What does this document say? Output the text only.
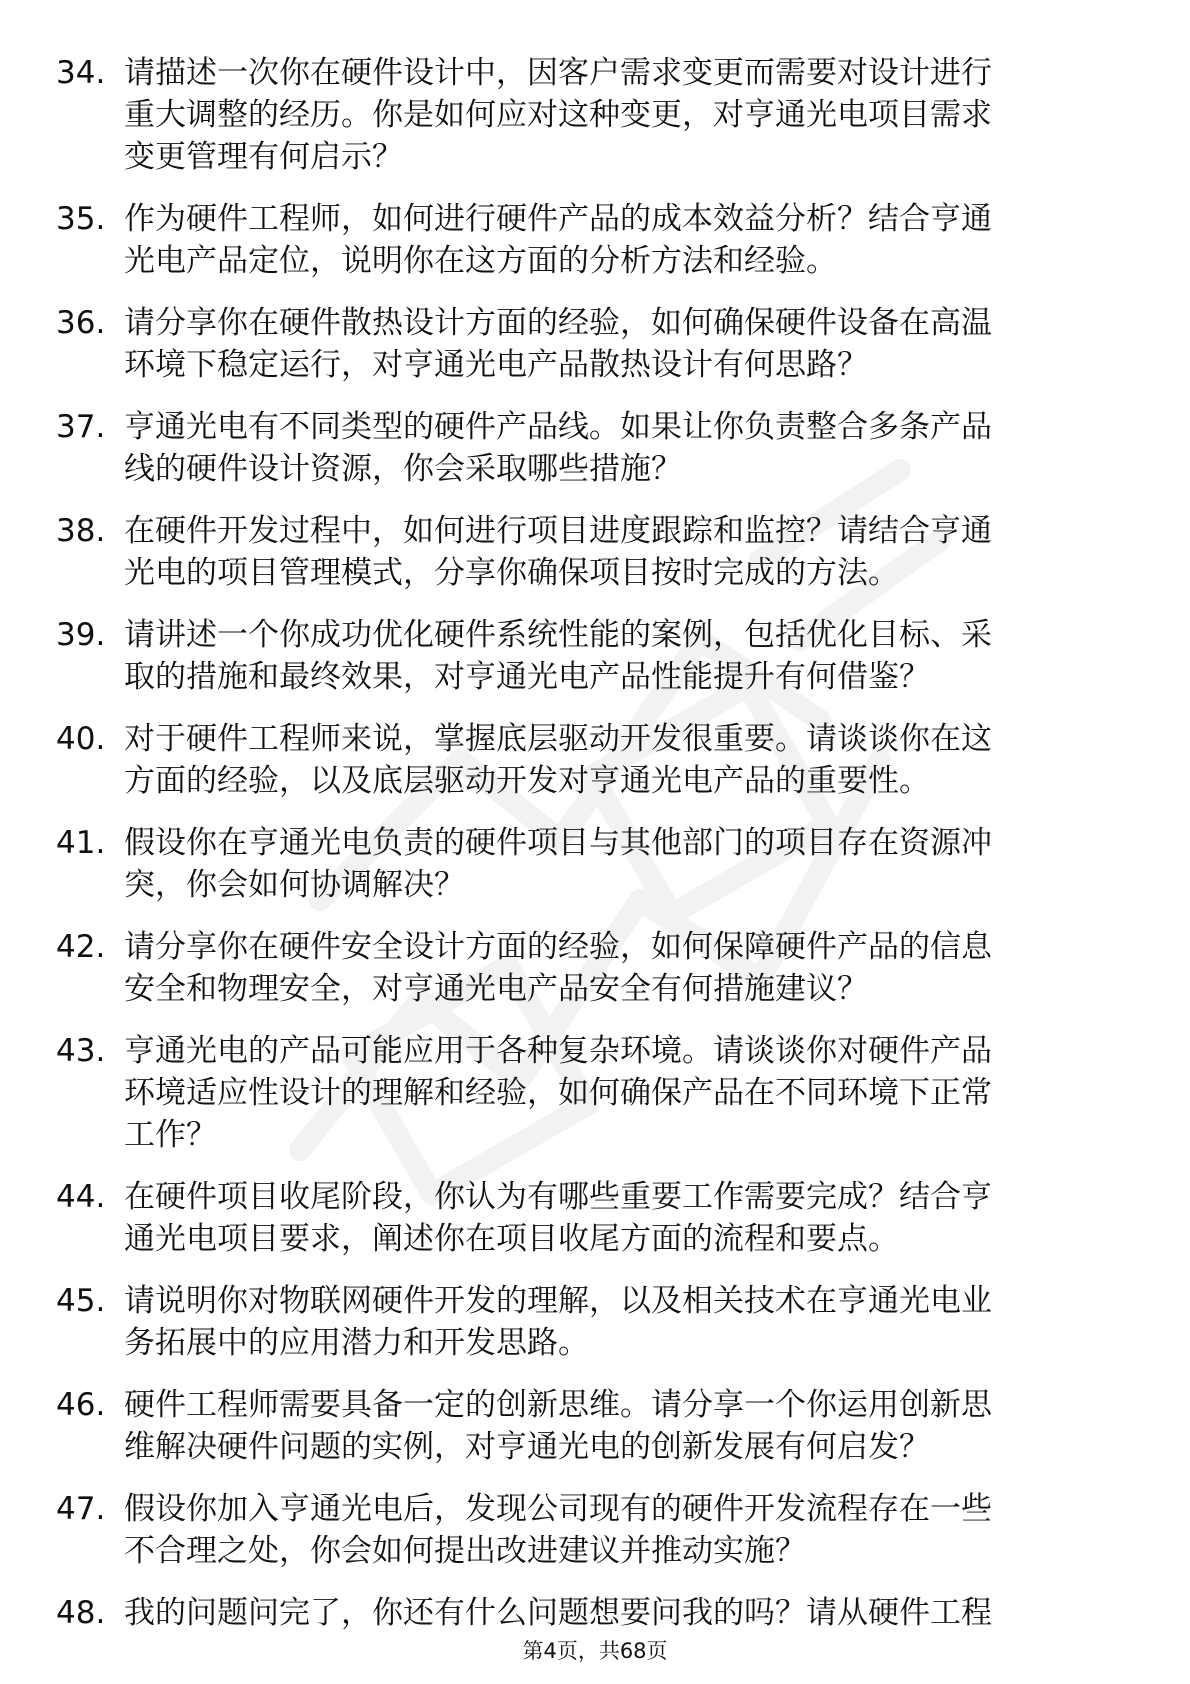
34. 请描述一次你在硬件设计中，因客户需求变更而需要对设计进行
重大调整的经历。你是如何应对这种变更，对亨通光电项目需求
变更管理有何启示？
35. 作为硬件工程师，如何进行硬件产品的成本效益分析？结合亨通
光电产品定位，说明你在这方面的分析方法和经验。
36. 请分享你在硬件散热设计方面的经验，如何确保硬件设备在高温
环境下稳定运行，对亨通光电产品散热设计有何思路？
37. 亨通光电有不同类型的硬件产品线。如果让你负责整合多条产品
线的硬件设计资源，你会采取哪些措施？
38. 在硬件开发过程中，如何进行项目进度跟踪和监控？请结合亨通
光电的项目管理模式，分享你确保项目按时完成的方法。
39. 请讲述一个你成功优化硬件系统性能的案例，包括优化目标、采
取的措施和最终效果，对亨通光电产品性能提升有何借鉴？
40. 对于硬件工程师来说，掌握底层驱动开发很重要。请谈谈你在这
方面的经验，以及底层驱动开发对亨通光电产品的重要性。
41. 假设你在亨通光电负责的硬件项目与其他部门的项目存在资源冲
突，你会如何协调解决？
42. 请分享你在硬件安全设计方面的经验，如何保障硬件产品的信息
安全和物理安全，对亨通光电产品安全有何措施建议？
43. 亨通光电的产品可能应用于各种复杂环境。请谈谈你对硬件产品
环境适应性设计的理解和经验，如何确保产品在不同环境下正常
工作？
44. 在硬件项目收尾阶段，你认为有哪些重要工作需要完成？结合亨
通光电项目要求，阐述你在项目收尾方面的流程和要点。
45. 请说明你对物联网硬件开发的理解，以及相关技术在亨通光电业
务拓展中的应用潜力和开发思路。
46. 硬件工程师需要具备一定的创新思维。请分享一个你运用创新思
维解决硬件问题的实例，对亨通光电的创新发展有何启发？
47. 假设你加入亨通光电后，发现公司现有的硬件开发流程存在一些
不合理之处，你会如何提出改进建议并推动实施？
48. 我的问题问完了，你还有什么问题想要问我的吗？请从硬件工程
第4页，共68页
